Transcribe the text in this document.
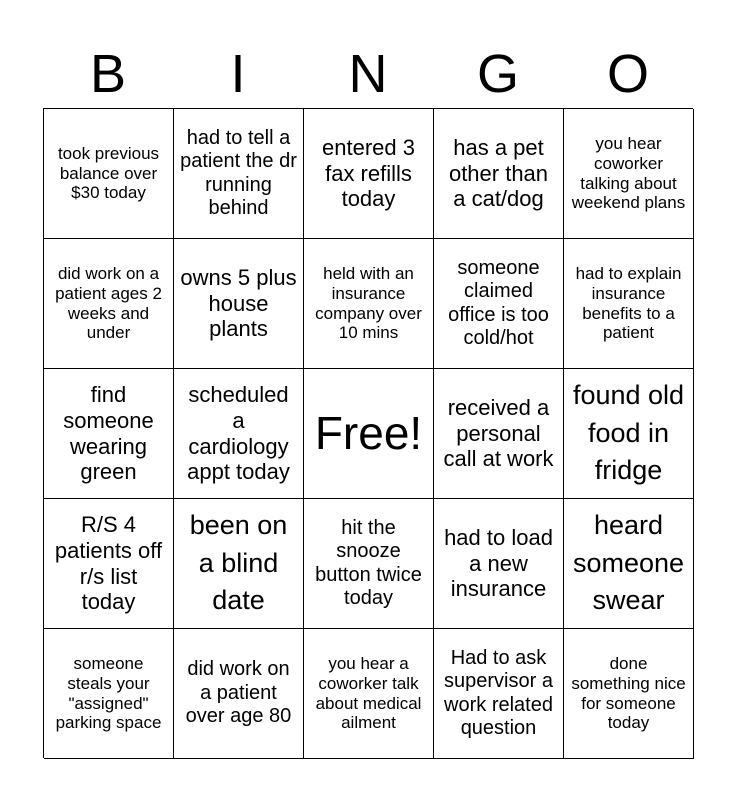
B	I	N	G	O
took previous balance over $30 today
had to tell a patient the dr running behind
entered 3 fax refills today
has a pet other than a cat/dog
you hear coworker talking about weekend plans
did work on a patient ages 2 weeks and under
owns 5 plus house plants
held with an insurance company over 10 mins
someone claimed office is too cold/hot
had to explain insurance benefits to a patient
find someone wearing green
scheduled a cardiology appt today
Free!	received a personal call at work
found old food in fridge
R/S 4 patients off r/s list today
been on a blind date
hit the snooze button twice today
had to load a new insurance
heard someone swear
someone steals your "assigned" parking space
did work on a patient over age 80
you hear a coworker talk about medical ailment
Had to ask supervisor a work related question
done something nice for someone today
